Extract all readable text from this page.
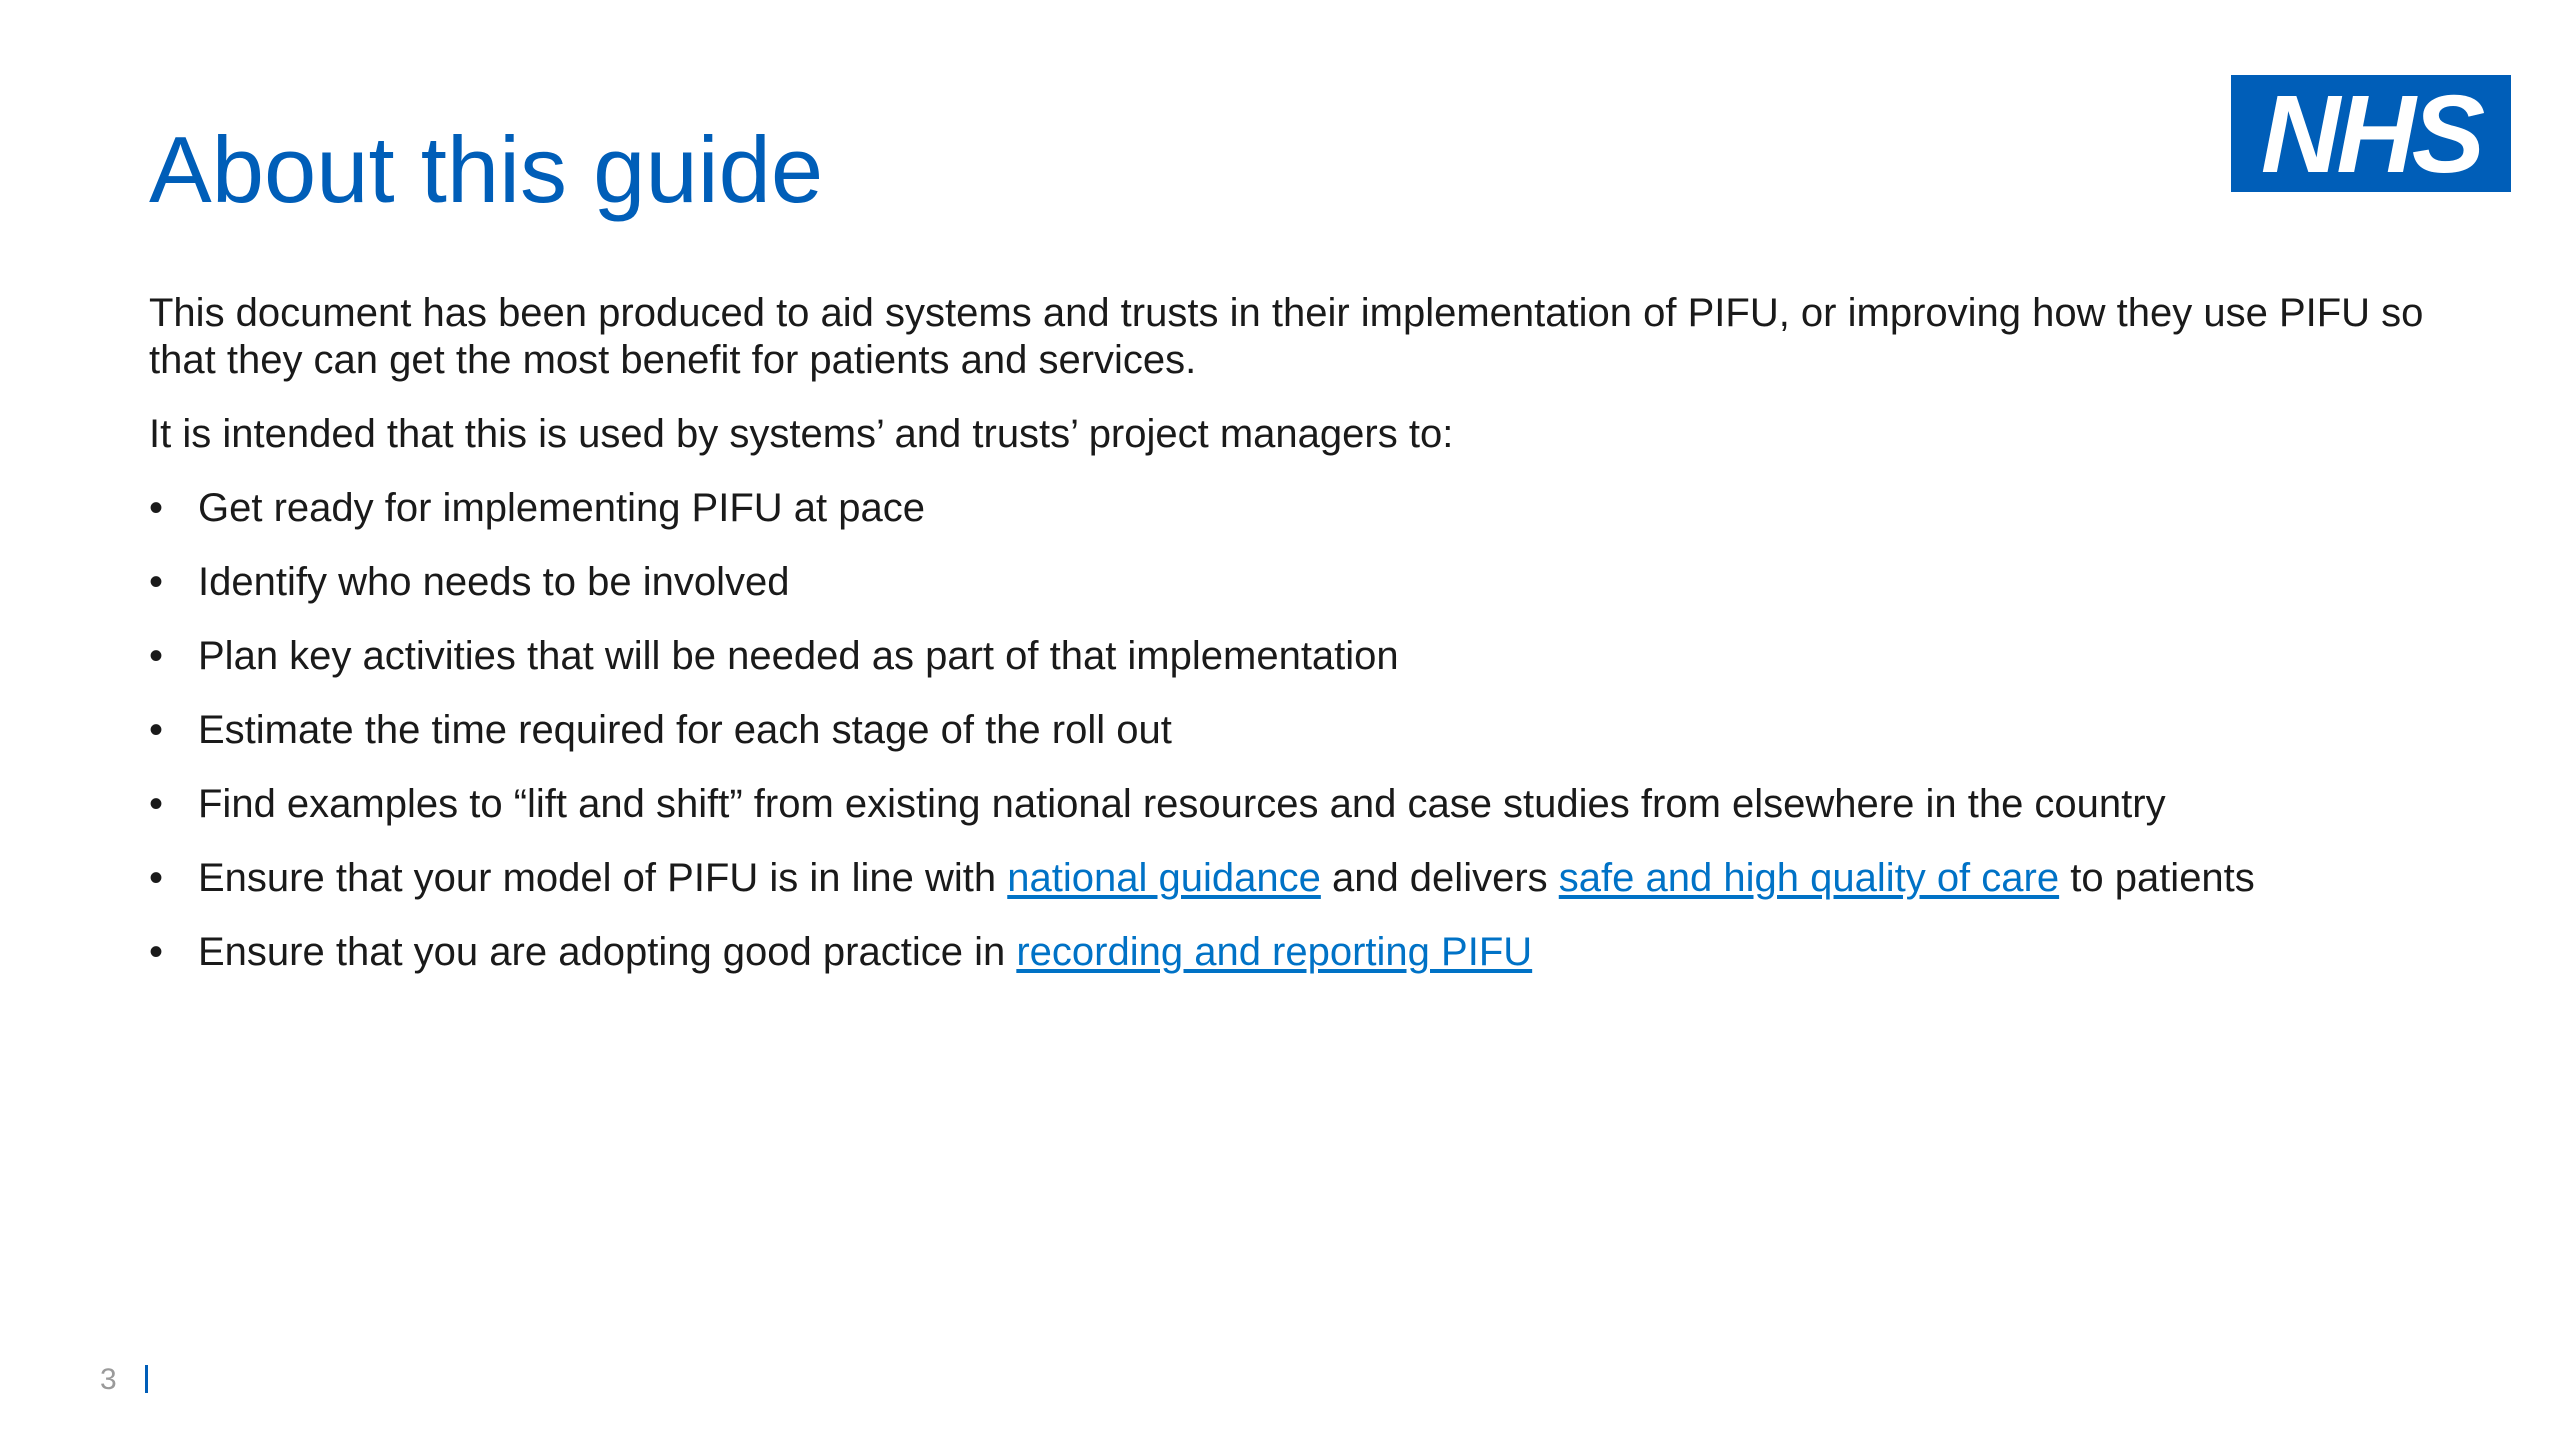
About this guide	NHS

This document has been produced to aid systems and trusts in their implementation of PIFU, or improving how they use PIFU so that they can get the most benefit for patients and services.

It is intended that this is used by systems’ and trusts’ project managers to:

• Get ready for implementing PIFU at pace
• Identify who needs to be involved
• Plan key activities that will be needed as part of that implementation
• Estimate the time required for each stage of the roll out
• Find examples to “lift and shift” from existing national resources and case studies from elsewhere in the country
• Ensure that your model of PIFU is in line with national guidance and delivers safe and high quality of care to patients
• Ensure that you are adopting good practice in recording and reporting PIFU
3
